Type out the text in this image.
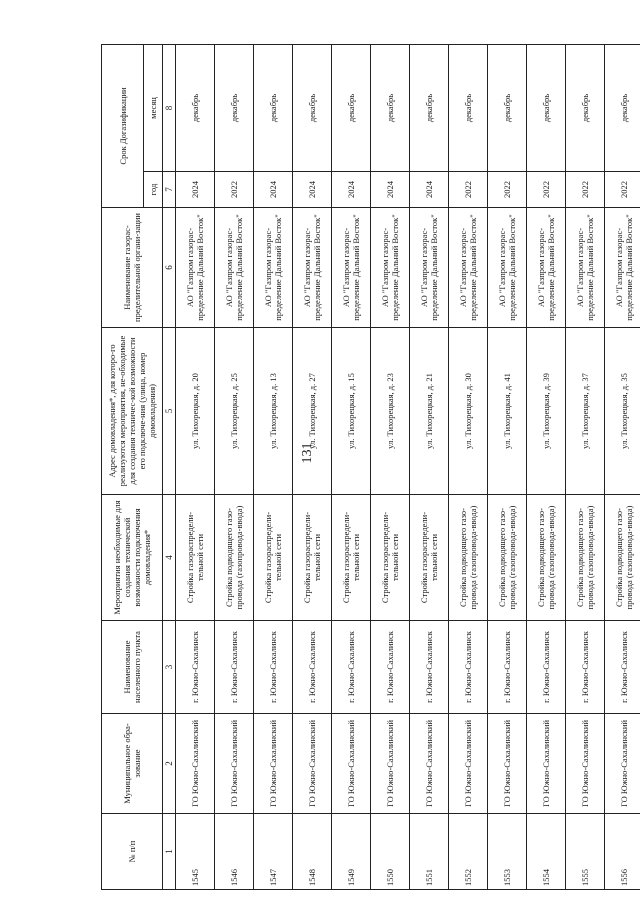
131
№ п/п	Муниципальное обра-зование	Наименование населенного пункта	Мероприятия необходимые для создания технической возможности подключения домовладения*	Адрес домовладения*, для которо-го реализуются мероприятия, не-обходимые для создания техничес-кой возможности его подключе-ния (улица, номер домовладения)	Наименование газорас-пределительной органи-зации	Срок Догазификации	
						год	месяц
1	2	3	4	5	6	7	8
1545	ГО Южно-Сахалинский	г. Южно-Сахалинск	Стройка газораспредели-тельной сети	ул. Тихорецкая, д. 20	АО "Газпром газорас-пределение Дальний Восток"	2024	декабрь
1546	ГО Южно-Сахалинский	г. Южно-Сахалинск	Стройка подводящего газо-провода (газопровода-ввода)	ул. Тихорецкая, д. 25	АО "Газпром газорас-пределение Дальний Восток"	2022	декабрь
1547	ГО Южно-Сахалинский	г. Южно-Сахалинск	Стройка газораспредели-тельной сети	ул. Тихорецкая, д. 13	АО "Газпром газорас-пределение Дальний Восток"	2024	декабрь
1548	ГО Южно-Сахалинский	г. Южно-Сахалинск	Стройка газораспредели-тельной сети	ул. Тихорецкая, д. 27	АО "Газпром газорас-пределение Дальний Восток"	2024	декабрь
1549	ГО Южно-Сахалинский	г. Южно-Сахалинск	Стройка газораспредели-тельной сети	ул. Тихорецкая, д. 15	АО "Газпром газорас-пределение Дальний Восток"	2024	декабрь
1550	ГО Южно-Сахалинский	г. Южно-Сахалинск	Стройка газораспредели-тельной сети	ул. Тихорецкая, д. 23	АО "Газпром газорас-пределение Дальний Восток"	2024	декабрь
1551	ГО Южно-Сахалинский	г. Южно-Сахалинск	Стройка газораспредели-тельной сети	ул. Тихорецкая, д. 21	АО "Газпром газорас-пределение Дальний Восток"	2024	декабрь
1552	ГО Южно-Сахалинский	г. Южно-Сахалинск	Стройка подводящего газо-провода (газопровода-ввода)	ул. Тихорецкая, д. 30	АО "Газпром газорас-пределение Дальний Восток"	2022	декабрь
1553	ГО Южно-Сахалинский	г. Южно-Сахалинск	Стройка подводящего газо-провода (газопровода-ввода)	ул. Тихорецкая, д. 41	АО "Газпром газорас-пределение Дальний Восток"	2022	декабрь
1554	ГО Южно-Сахалинский	г. Южно-Сахалинск	Стройка подводящего газо-провода (газопровода-ввода)	ул. Тихорецкая, д. 39	АО "Газпром газорас-пределение Дальний Восток"	2022	декабрь
1555	ГО Южно-Сахалинский	г. Южно-Сахалинск	Стройка подводящего газо-провода (газопровода-ввода)	ул. Тихорецкая, д. 37	АО "Газпром газорас-пределение Дальний Восток"	2022	декабрь
1556	ГО Южно-Сахалинский	г. Южно-Сахалинск	Стройка подводящего газо-провода (газопровода-ввода)	ул. Тихорецкая, д. 35	АО "Газпром газорас-пределение Дальний Восток"	2022	декабрь
